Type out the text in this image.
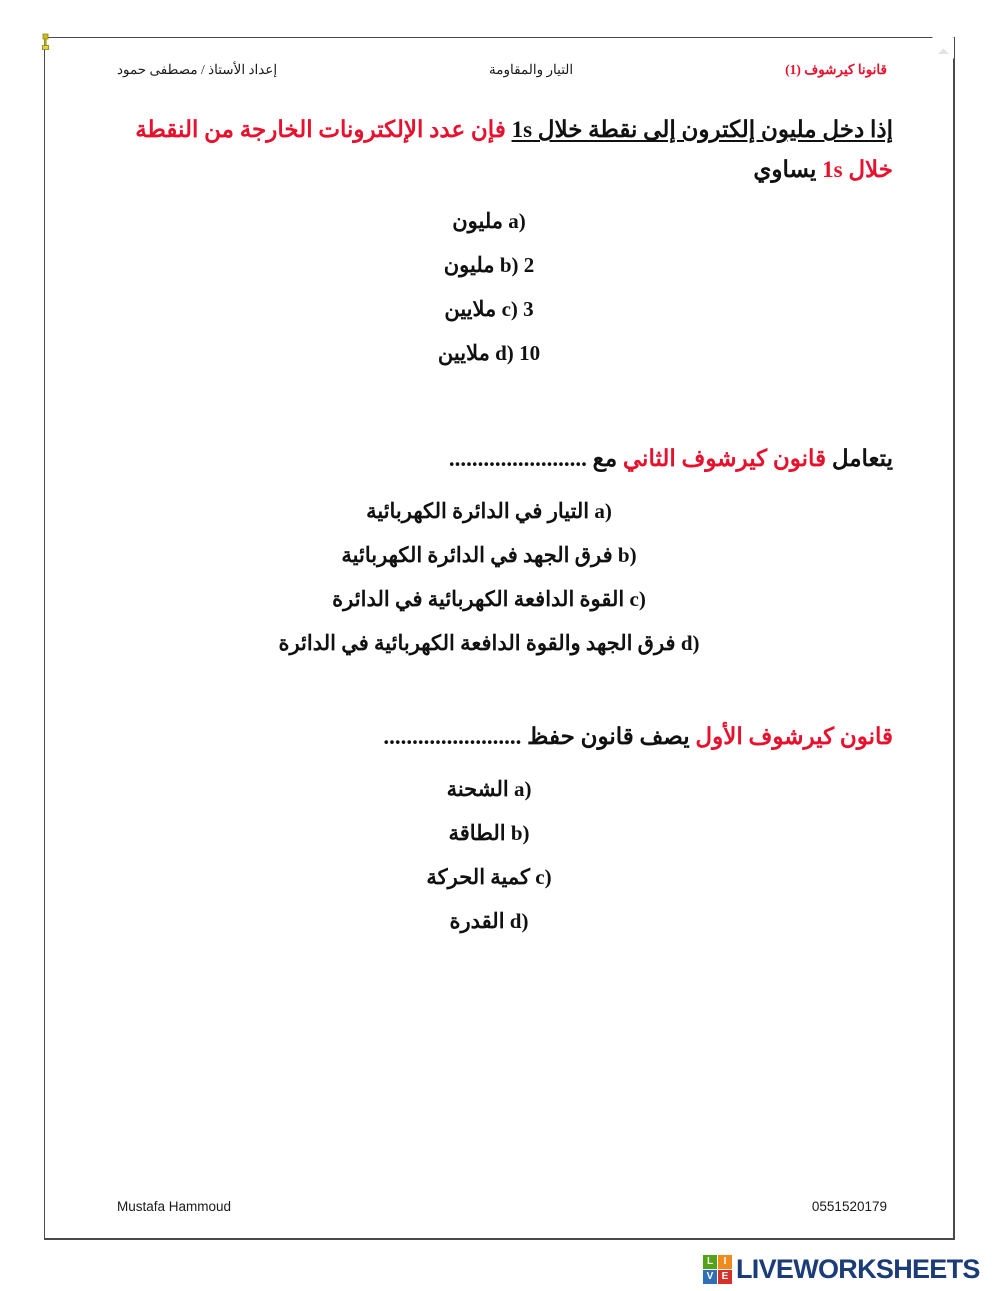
قانونا كيرشوف (1)
التيار والمقاومة
إعداد الأستاذ / مصطفى حمود
إذا دخل مليون إلكترون إلى نقطة خلال 1s فإن عدد الإلكترونات الخارجة من النقطة خلال 1s يساوي
a) مليون
b) 2 مليون
c) 3 ملايين
d) 10 ملايين
يتعامل قانون كيرشوف الثاني مع ........................
a) التيار في الدائرة الكهربائية
b) فرق الجهد في الدائرة الكهربائية
c) القوة الدافعة الكهربائية في الدائرة
d) فرق الجهد والقوة الدافعة الكهربائية في الدائرة
قانون كيرشوف الأول يصف قانون حفظ ........................
a) الشحنة
b) الطاقة
c) كمية الحركة
d) القدرة
Mustafa Hammoud	0551520179
L	I
V E LIVEWORKSHEETS
